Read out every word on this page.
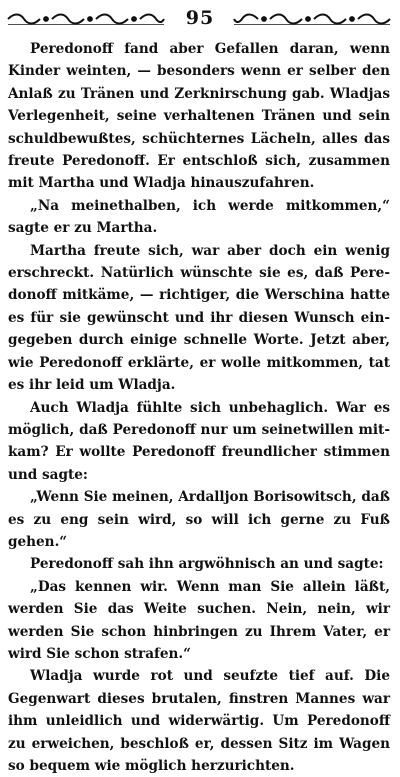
95

Peredonoff fand aber Gefallen daran, wenn Kinder weinten, — besonders wenn er selber den Anlaß zu Tränen und Zerknirschung gab. Wladjas Verlegenheit, seine verhaltenen Tränen und sein schuldbewußtes, schüchternes Lächeln, alles das freute Peredonoff. Er entschloß sich, zusammen mit Martha und Wladja hinauszufahren.

„Na meinethalben, ich werde mitkommen,“ sagte er zu Martha.

Martha freute sich, war aber doch ein wenig erschreckt. Natürlich wünschte sie es, daß Peredonoff mitkäme, — richtiger, die Werschina hatte es für sie gewünscht und ihr diesen Wunsch eingegeben durch einige schnelle Worte. Jetzt aber, wie Peredonoff erklärte, er wolle mitkommen, tat es ihr leid um Wladja.

Auch Wladja fühlte sich unbehaglich. War es möglich, daß Peredonoff nur um seinetwillen mitkam? Er wollte Peredonoff freundlicher stimmen und sagte:

„Wenn Sie meinen, Ardalljon Borisowitsch, daß es zu eng sein wird, so will ich gerne zu Fuß gehen.“

Peredonoff sah ihn argwöhnisch an und sagte:

„Das kennen wir. Wenn man Sie allein läßt, werden Sie das Weite suchen. Nein, nein, wir werden Sie schon hinbringen zu Ihrem Vater, er wird Sie schon strafen.“

Wladja wurde rot und seufzte tief auf. Die Gegenwart dieses brutalen, finstren Mannes war ihm unleidlich und widerwärtig. Um Peredonoff zu erweichen, beschloß er, dessen Sitz im Wagen so bequem wie möglich herzurichten.
